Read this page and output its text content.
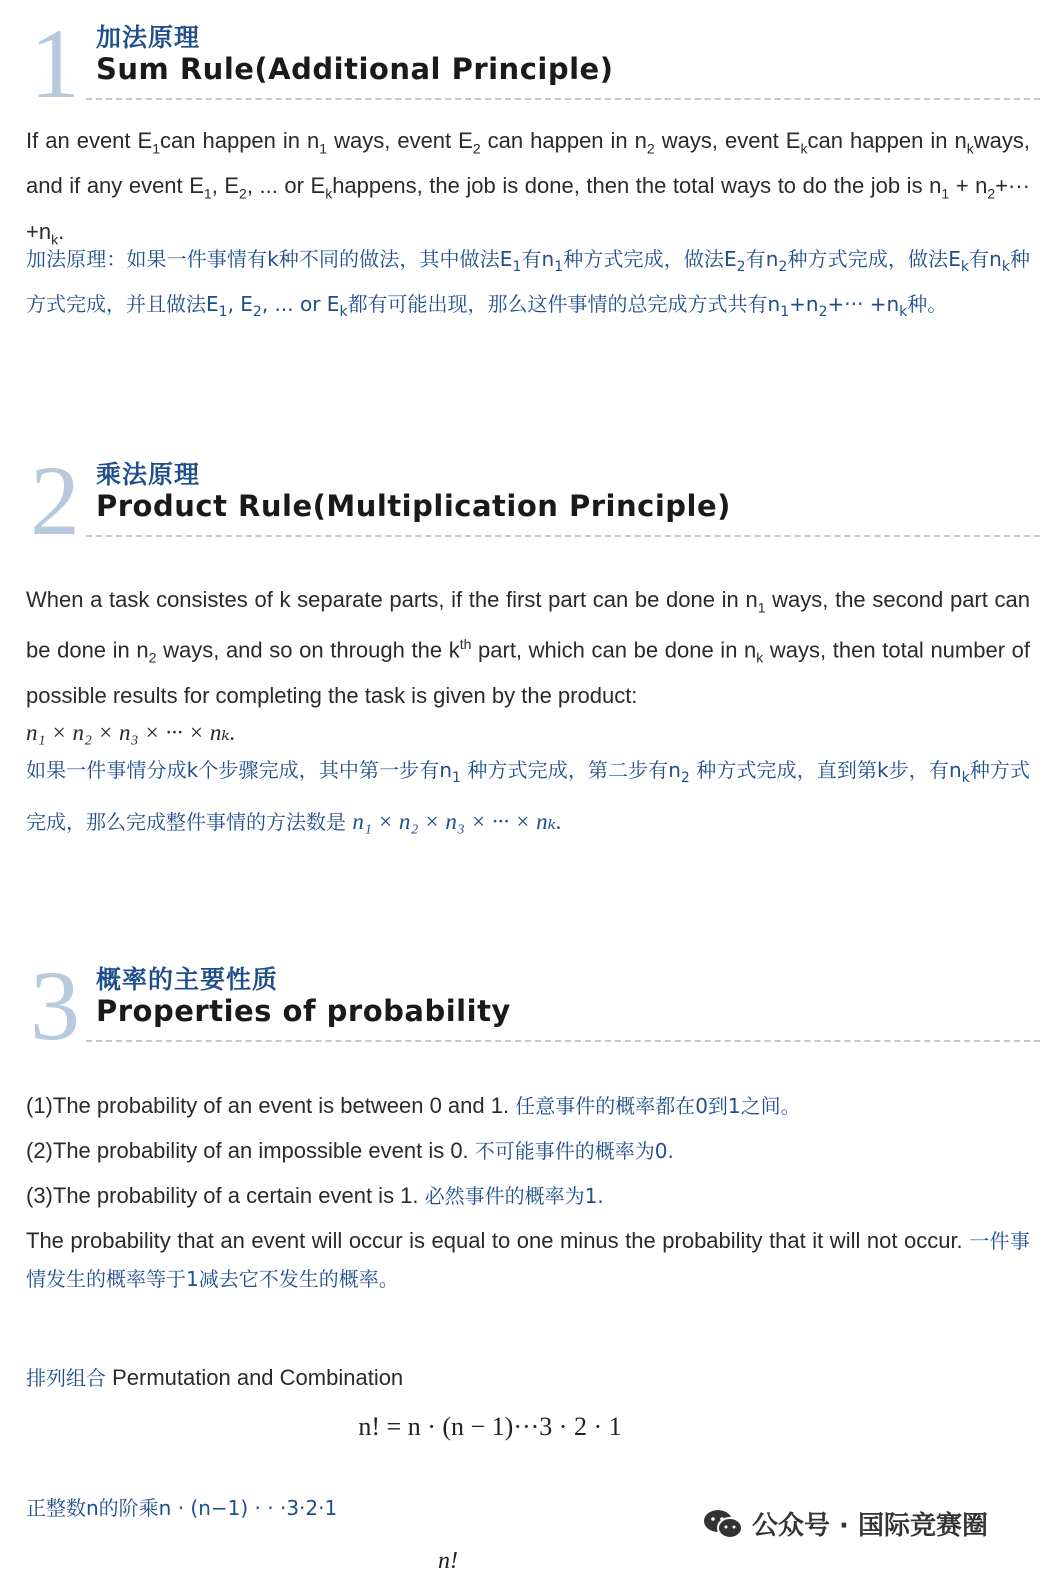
1 加法原理
Sum Rule(Additional Principle)

If an event $E_1can$ happen in $n_1$ ways, event $E_2$ can happen in $n_2$ ways, event $E_kcan$ happen in $n_kways$, and if any event $E_1$, $E_2$, ... or $E_khappens$, the job is done, then the total ways to do the job is $n_1 + n_2+\cdot\cdot\cdot +n_k$.

加法原理：如果一件事情有k种不同的做法，其中做法$E_1$有$n_1$种方式完成，做法$E_2$有$n_2$种方式完成，做法$E_k$有$n_k$种方式完成，并且做法$E_1$, $E_2$, ... or $E_k$都有可能出现，那么这件事情的总完成方式共有$n_1+n_2+\cdot\cdot\cdot +n_k$种。

2 乘法原理
Product Rule(Multiplication Principle)

When a task consistes of k separate parts, if the first part can be done in $n_1$ ways, the second part can be done in $n_2$ ways, and so on through the $k^{th}$ part, which can be done in $n_k$ ways, then total number of possible results for completing the task is given by the product:
n₁ × n₂ × n₃ × ··· × nₖ.

如果一件事情分成k个步骤完成，其中第一步有$n_1$ 种方式完成，第二步有$n_2$ 种方式完成，直到第k步，有$n_k$种方式完成，那么完成整件事情的方法数是 n₁ × n₂ × n₃ × ··· × nₖ.

3 概率的主要性质
Properties of probability

(1)The probability of an event is between 0 and 1. 任意事件的概率都在0到1之间。

(2)The probability of an impossible event is 0. 不可能事件的概率为0.

(3)The probability of a certain event is 1. 必然事件的概率为1.

The probability that an event will occur is equal to one minus the probability that it will not occur. 一件事情发生的概率等于1减去它不发生的概率。

排列组合 Permutation and Combination

n! = n · (n − 1)···3 · 2 · 1

正整数n的阶乘n · (n−1) · · ·3·2·1

公众号 · 国际竞赛圈
n!
